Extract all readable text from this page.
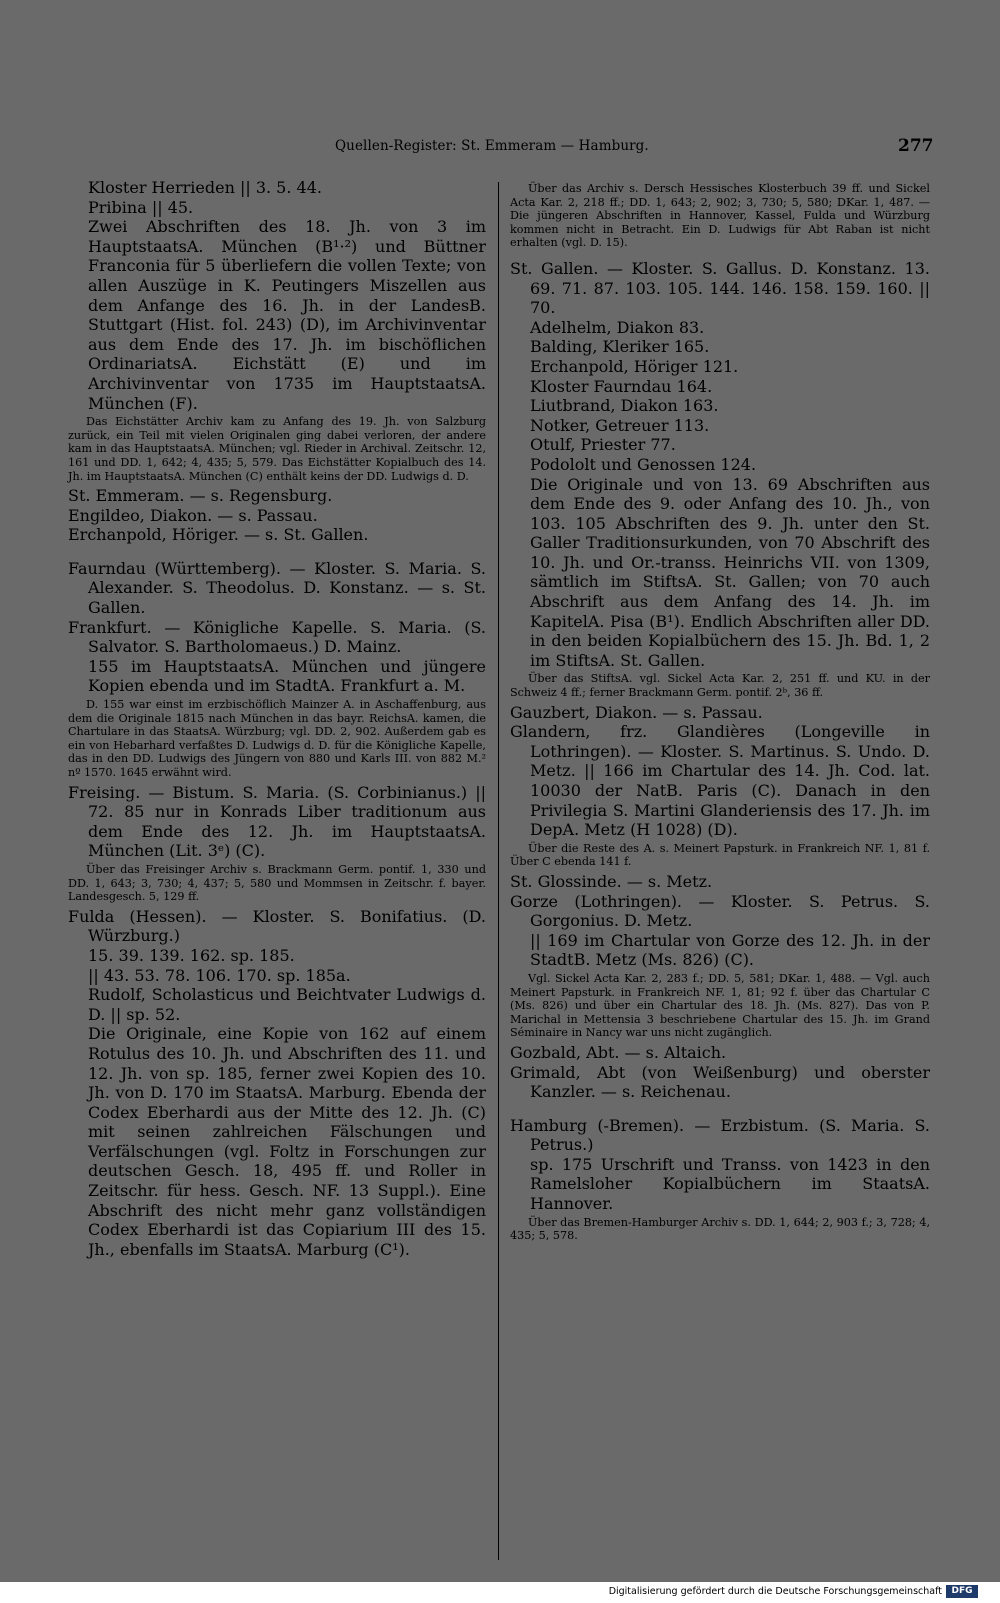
Quellen-Register: St. Emmeram — Hamburg.	277

Kloster Herrieden || 3. 5. 44.

Pribina || 45.

Zwei Abschriften des 18. Jh. von 3 im HauptstaatsA. München (B¹·²) und Büttner Franconia für 5 überliefern die vollen Texte; von allen Auszüge in K. Peutingers Miszellen aus dem Anfange des 16. Jh. in der LandesB. Stuttgart (Hist. fol. 243) (D), im Archivinventar aus dem Ende des 17. Jh. im bischöflichen OrdinariatsA. Eichstätt (E) und im Archivinventar von 1735 im HauptstaatsA. München (F).

Das Eichstätter Archiv kam zu Anfang des 19. Jh. von Salzburg zurück, ein Teil mit vielen Originalen ging dabei verloren, der andere kam in das HauptstaatsA. München; vgl. Rieder in Archival. Zeitschr. 12, 161 und DD. 1, 642; 4, 435; 5, 579. Das Eichstätter Kopialbuch des 14. Jh. im HauptstaatsA. München (C) enthält keins der DD. Ludwigs d. D.

St. Emmeram. — s. Regensburg.

Engildeo, Diakon. — s. Passau.

Erchanpold, Höriger. — s. St. Gallen.

Faurndau (Württemberg). — Kloster. S. Maria. S. Alexander. S. Theodolus. D. Konstanz. — s. St. Gallen.

Frankfurt. — Königliche Kapelle. S. Maria. (S. Salvator. S. Bartholomaeus.) D. Mainz.

155 im HauptstaatsA. München und jüngere Kopien ebenda und im StadtA. Frankfurt a. M.

D. 155 war einst im erzbischöflich Mainzer A. in Aschaffenburg, aus dem die Originale 1815 nach München in das bayr. ReichsA. kamen, die Chartulare in das StaatsA. Würzburg; vgl. DD. 2, 902. Außerdem gab es ein von Hebarhard verfaßtes D. Ludwigs d. D. für die Königliche Kapelle, das in den DD. Ludwigs des Jüngern von 880 und Karls III. von 882 M.² nº 1570. 1645 erwähnt wird.

Freising. — Bistum. S. Maria. (S. Corbinianus.) || 72. 85 nur in Konrads Liber traditionum aus dem Ende des 12. Jh. im HauptstaatsA. München (Lit. 3ᵉ) (C).

Über das Freisinger Archiv s. Brackmann Germ. pontif. 1, 330 und DD. 1, 643; 3, 730; 4, 437; 5, 580 und Mommsen in Zeitschr. f. bayer. Landesgesch. 5, 129 ff.

Fulda (Hessen). — Kloster. S. Bonifatius. (D. Würzburg.)

15. 39. 139. 162. sp. 185.

|| 43. 53. 78. 106. 170. sp. 185a.

Rudolf, Scholasticus und Beichtvater Ludwigs d. D. || sp. 52.

Die Originale, eine Kopie von 162 auf einem Rotulus des 10. Jh. und Abschriften des 11. und 12. Jh. von sp. 185, ferner zwei Kopien des 10. Jh. von D. 170 im StaatsA. Marburg. Ebenda der Codex Eberhardi aus der Mitte des 12. Jh. (C) mit seinen zahlreichen Fälschungen und Verfälschungen (vgl. Foltz in Forschungen zur deutschen Gesch. 18, 495 ff. und Roller in Zeitschr. für hess. Gesch. NF. 13 Suppl.). Eine Abschrift des nicht mehr ganz vollständigen Codex Eberhardi ist das Copiarium III des 15. Jh., ebenfalls im StaatsA. Marburg (C¹).

Über das Archiv s. Dersch Hessisches Klosterbuch 39 ff. und Sickel Acta Kar. 2, 218 ff.; DD. 1, 643; 2, 902; 3, 730; 5, 580; DKar. 1, 487. — Die jüngeren Abschriften in Hannover, Kassel, Fulda und Würzburg kommen nicht in Betracht. Ein D. Ludwigs für Abt Raban ist nicht erhalten (vgl. D. 15).

St. Gallen. — Kloster. S. Gallus. D. Konstanz. 13. 69. 71. 87. 103. 105. 144. 146. 158. 159. 160. || 70.

Adelhelm, Diakon 83.

Balding, Kleriker 165.

Erchanpold, Höriger 121.

Kloster Faurndau 164.

Liutbrand, Diakon 163.

Notker, Getreuer 113.

Otulf, Priester 77.

Podololt und Genossen 124.

Die Originale und von 13. 69 Abschriften aus dem Ende des 9. oder Anfang des 10. Jh., von 103. 105 Abschriften des 9. Jh. unter den St. Galler Traditionsurkunden, von 70 Abschrift des 10. Jh. und Or.-transs. Heinrichs VII. von 1309, sämtlich im StiftsA. St. Gallen; von 70 auch Abschrift aus dem Anfang des 14. Jh. im KapitelA. Pisa (B¹). Endlich Abschriften aller DD. in den beiden Kopialbüchern des 15. Jh. Bd. 1, 2 im StiftsA. St. Gallen.

Über das StiftsA. vgl. Sickel Acta Kar. 2, 251 ff. und KU. in der Schweiz 4 ff.; ferner Brackmann Germ. pontif. 2ᵇ, 36 ff.

Gauzbert, Diakon. — s. Passau.

Glandern, frz. Glandières (Longeville in Lothringen). — Kloster. S. Martinus. S. Undo. D. Metz. || 166 im Chartular des 14. Jh. Cod. lat. 10030 der NatB. Paris (C). Danach in den Privilegia S. Martini Glanderiensis des 17. Jh. im DepA. Metz (H 1028) (D).

Über die Reste des A. s. Meinert Papsturk. in Frankreich NF. 1, 81 f. Über C ebenda 141 f.

St. Glossinde. — s. Metz.

Gorze (Lothringen). — Kloster. S. Petrus. S. Gorgonius. D. Metz.

|| 169 im Chartular von Gorze des 12. Jh. in der StadtB. Metz (Ms. 826) (C).

Vgl. Sickel Acta Kar. 2, 283 f.; DD. 5, 581; DKar. 1, 488. — Vgl. auch Meinert Papsturk. in Frankreich NF. 1, 81; 92 f. über das Chartular C (Ms. 826) und über ein Chartular des 18. Jh. (Ms. 827). Das von P. Marichal in Mettensia 3 beschriebene Chartular des 15. Jh. im Grand Séminaire in Nancy war uns nicht zugänglich.

Gozbald, Abt. — s. Altaich.

Grimald, Abt (von Weißenburg) und oberster Kanzler. — s. Reichenau.

Hamburg (-Bremen). — Erzbistum. (S. Maria. S. Petrus.)

sp. 175 Urschrift und Transs. von 1423 in den Ramelsloher Kopialbüchern im StaatsA. Hannover.

Über das Bremen-Hamburger Archiv s. DD. 1, 644; 2, 903 f.; 3, 728; 4, 435; 5, 578.

Digitalisierung gefördert durch die Deutsche Forschungsgemeinschaft	DFG
